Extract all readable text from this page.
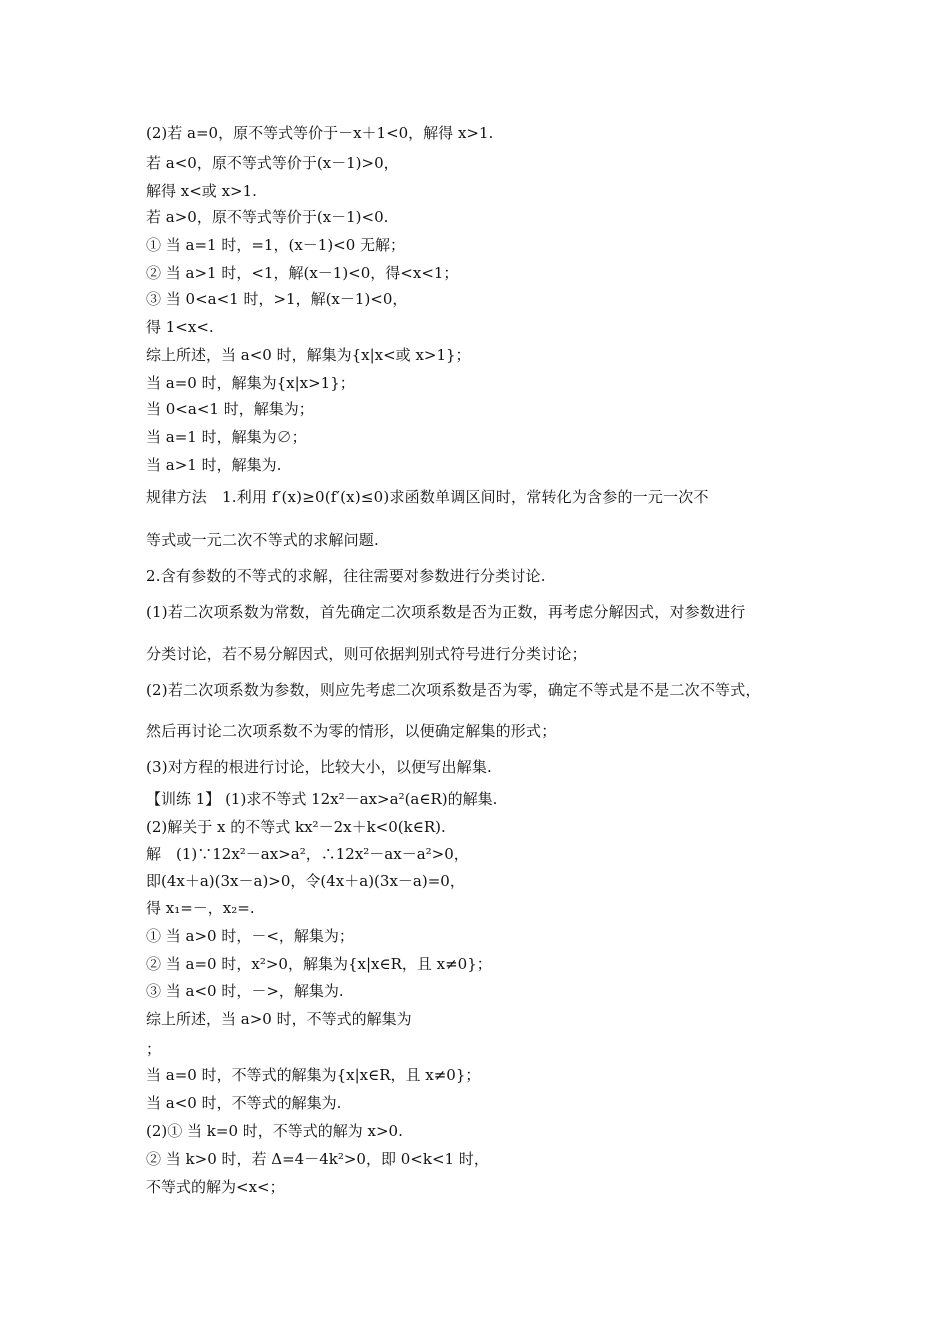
(2)若 a=0，原不等式等价于－x＋1<0，解得 x>1.
若 a<0，原不等式等价于(x－1)>0，
解得 x<或 x>1.
若 a>0，原不等式等价于(x－1)<0.
① 当 a=1 时，=1，(x－1)<0 无解；
② 当 a>1 时，<1，解(x－1)<0，得<x<1；
③ 当 0<a<1 时，>1，解(x－1)<0，
得 1<x<.
综上所述，当 a<0 时，解集为{x|x<或 x>1}；
当 a=0 时，解集为{x|x>1}；
当 0<a<1 时，解集为；
当 a=1 时，解集为∅；
当 a>1 时，解集为.
规律方法　1.利用 f′(x)≥0(f′(x)≤0)求函数单调区间时，常转化为含参的一元一次不
等式或一元二次不等式的求解问题.
2.含有参数的不等式的求解，往往需要对参数进行分类讨论.
(1)若二次项系数为常数，首先确定二次项系数是否为正数，再考虑分解因式，对参数进行
分类讨论，若不易分解因式，则可依据判别式符号进行分类讨论；
(2)若二次项系数为参数，则应先考虑二次项系数是否为零，确定不等式是不是二次不等式，
然后再讨论二次项系数不为零的情形，以便确定解集的形式；
(3)对方程的根进行讨论，比较大小，以便写出解集.
【训练 1】 (1)求不等式 12x²－ax>a²(a∈R)的解集.
(2)解关于 x 的不等式 kx²－2x＋k<0(k∈R).
解　(1)∵12x²－ax>a²，∴12x²－ax－a²>0，
即(4x＋a)(3x－a)>0，令(4x＋a)(3x－a)=0，
得 x₁=－，x₂=.
① 当 a>0 时，－<，解集为；
② 当 a=0 时，x²>0，解集为{x|x∈R，且 x≠0}；
③ 当 a<0 时，－>，解集为.
综上所述，当 a>0 时，不等式的解集为
；
当 a=0 时，不等式的解集为{x|x∈R，且 x≠0}；
当 a<0 时，不等式的解集为.
(2)① 当 k=0 时，不等式的解为 x>0.
② 当 k>0 时，若 Δ=4－4k²>0，即 0<k<1 时，
不等式的解为<x<；
